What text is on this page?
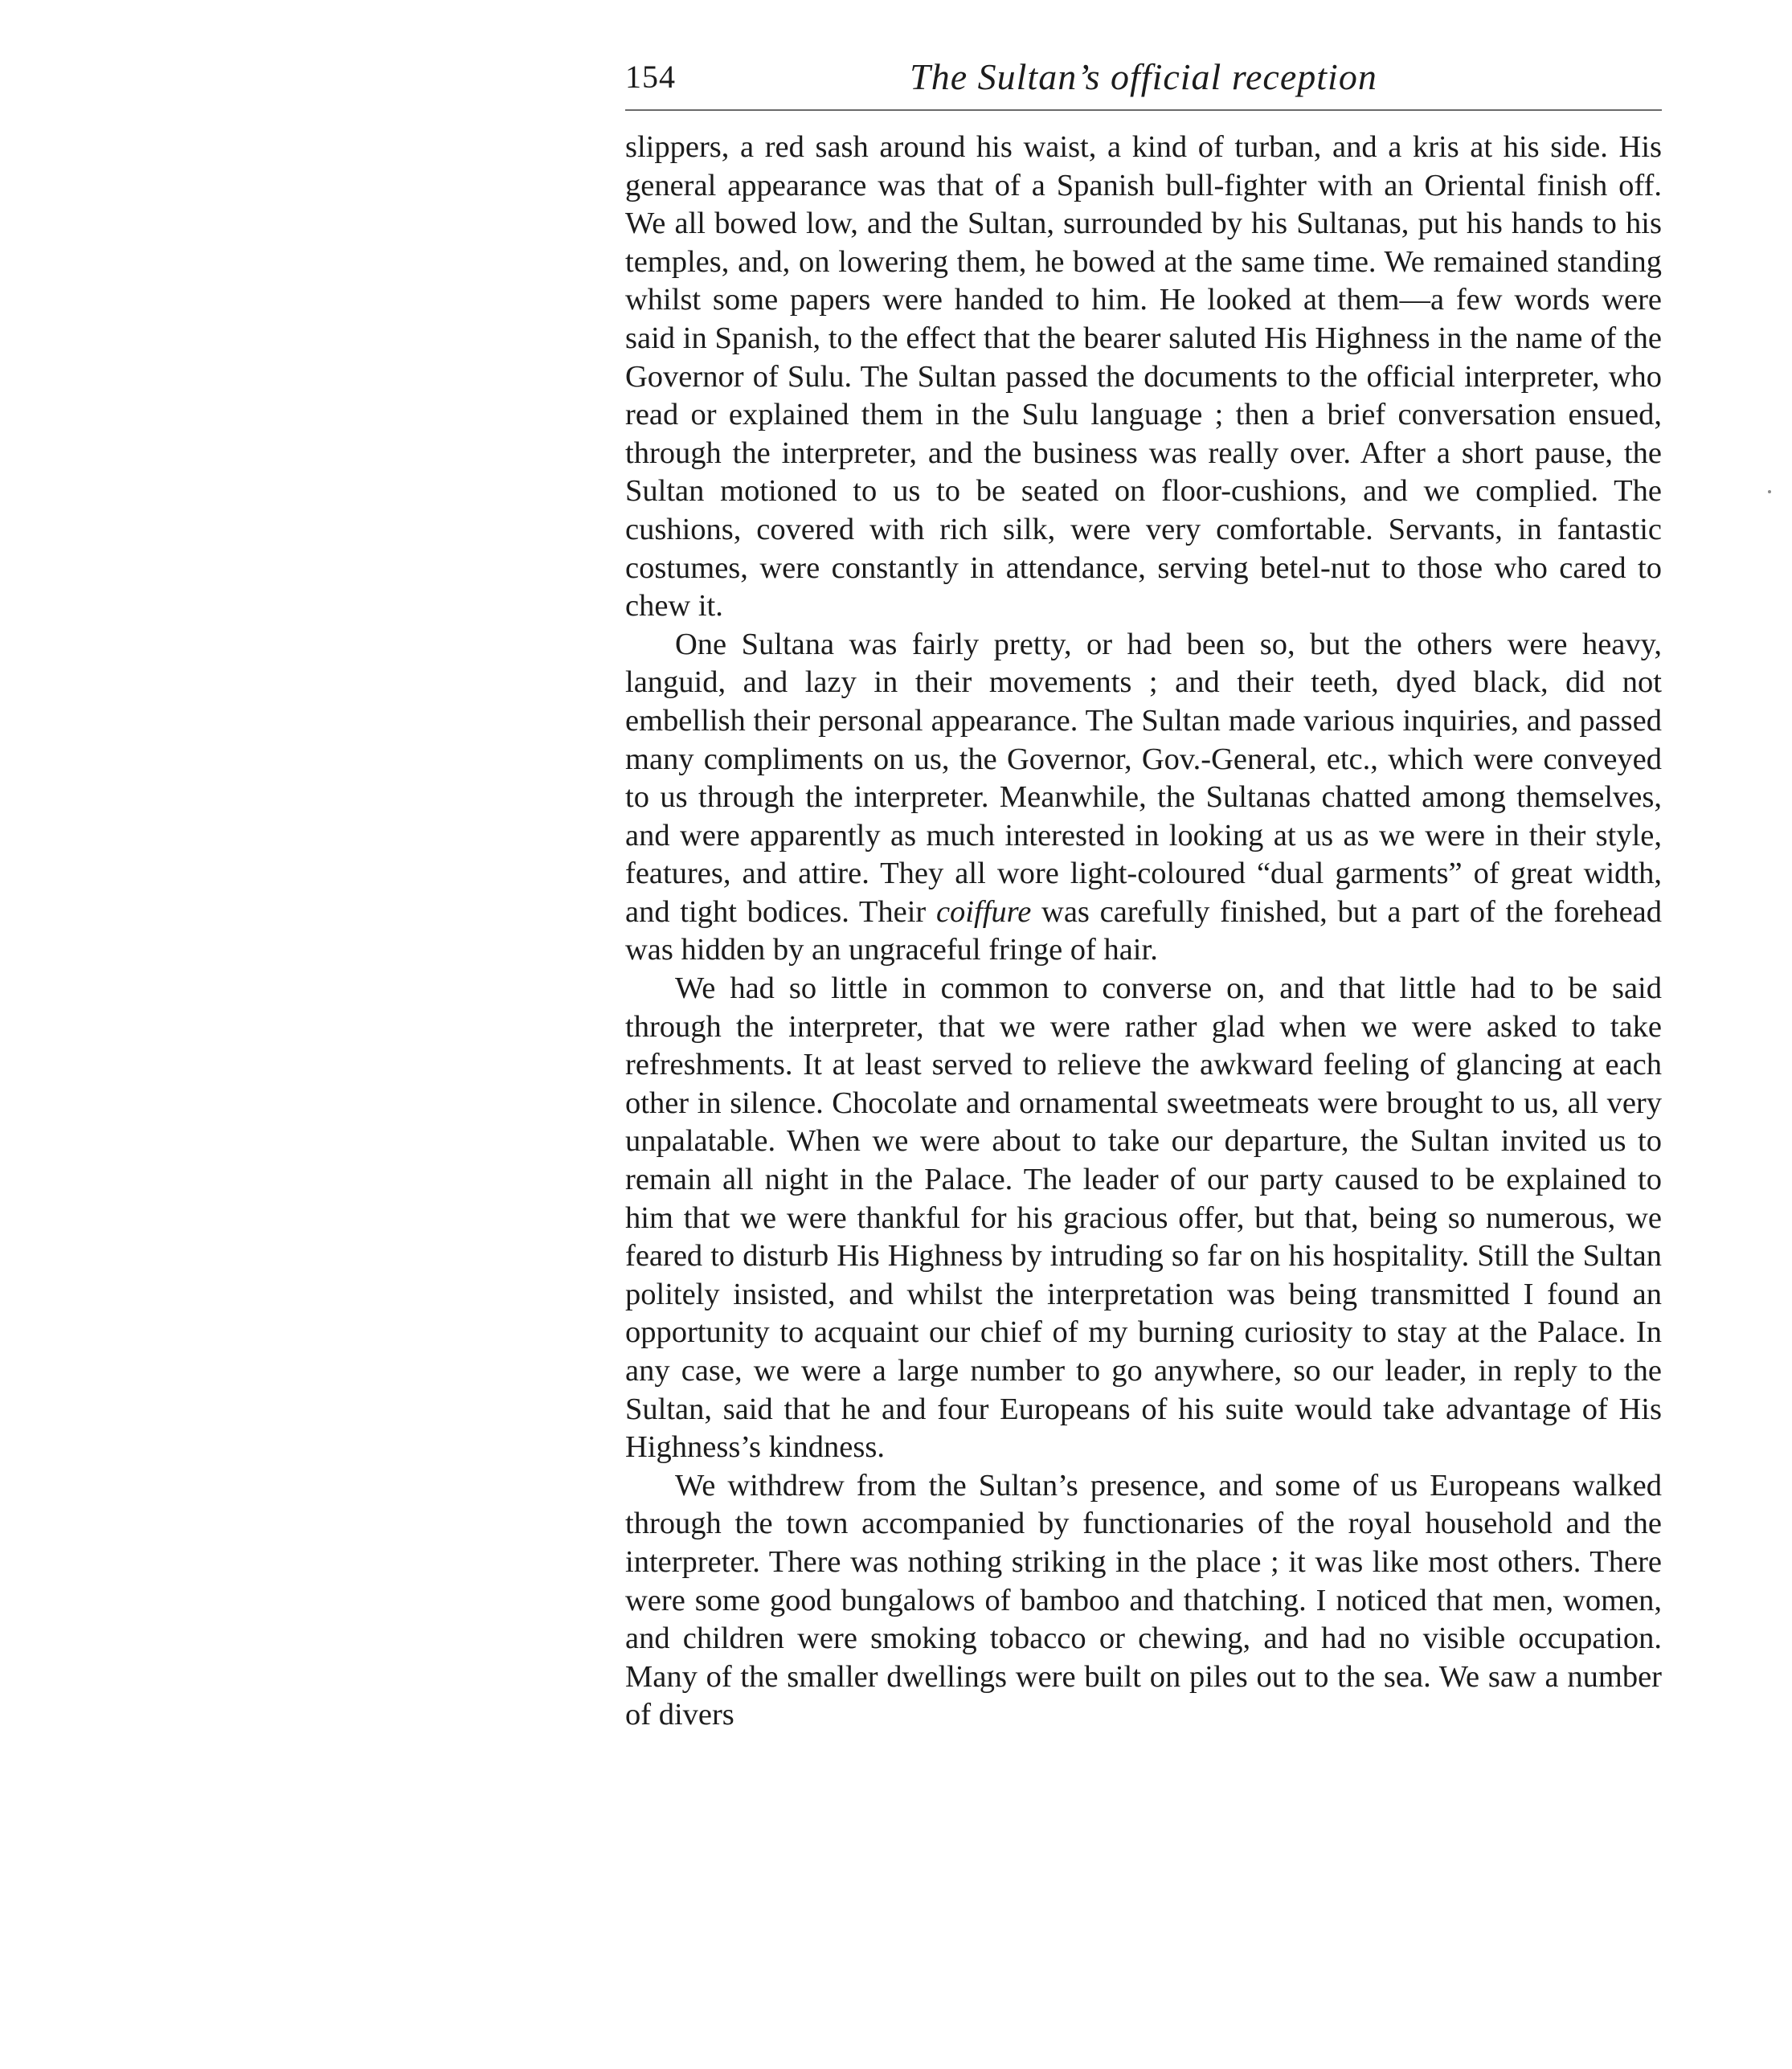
154	The Sultan’s official reception

slippers, a red sash around his waist, a kind of turban, and a kris at his side. His general appearance was that of a Spanish bull-fighter with an Oriental finish off. We all bowed low, and the Sultan, surrounded by his Sultanas, put his hands to his temples, and, on lowering them, he bowed at the same time. We remained standing whilst some papers were handed to him. He looked at them—a few words were said in Spanish, to the effect that the bearer saluted His Highness in the name of the Governor of Sulu. The Sultan passed the documents to the official interpreter, who read or explained them in the Sulu language ; then a brief conversation ensued, through the interpreter, and the business was really over. After a short pause, the Sultan motioned to us to be seated on floor-cushions, and we complied. The cushions, covered with rich silk, were very comfortable. Servants, in fantastic costumes, were constantly in attendance, serving betel-nut to those who cared to chew it.

One Sultana was fairly pretty, or had been so, but the others were heavy, languid, and lazy in their movements ; and their teeth, dyed black, did not embellish their personal appearance. The Sultan made various inquiries, and passed many compliments on us, the Governor, Gov.-General, etc., which were conveyed to us through the interpreter. Meanwhile, the Sultanas chatted among themselves, and were apparently as much interested in looking at us as we were in their style, features, and attire. They all wore light-coloured “dual garments” of great width, and tight bodices. Their coiffure was carefully finished, but a part of the forehead was hidden by an ungraceful fringe of hair.

We had so little in common to converse on, and that little had to be said through the interpreter, that we were rather glad when we were asked to take refreshments. It at least served to relieve the awkward feeling of glancing at each other in silence. Chocolate and ornamental sweetmeats were brought to us, all very unpalatable. When we were about to take our departure, the Sultan invited us to remain all night in the Palace. The leader of our party caused to be explained to him that we were thankful for his gracious offer, but that, being so numerous, we feared to disturb His Highness by intruding so far on his hospitality. Still the Sultan politely insisted, and whilst the interpretation was being transmitted I found an opportunity to acquaint our chief of my burning curiosity to stay at the Palace. In any case, we were a large number to go anywhere, so our leader, in reply to the Sultan, said that he and four Europeans of his suite would take advantage of His Highness’s kindness.

We withdrew from the Sultan’s presence, and some of us Europeans walked through the town accompanied by functionaries of the royal household and the interpreter. There was nothing striking in the place ; it was like most others. There were some good bungalows of bamboo and thatching. I noticed that men, women, and children were smoking tobacco or chewing, and had no visible occupation. Many of the smaller dwellings were built on piles out to the sea. We saw a number of divers
